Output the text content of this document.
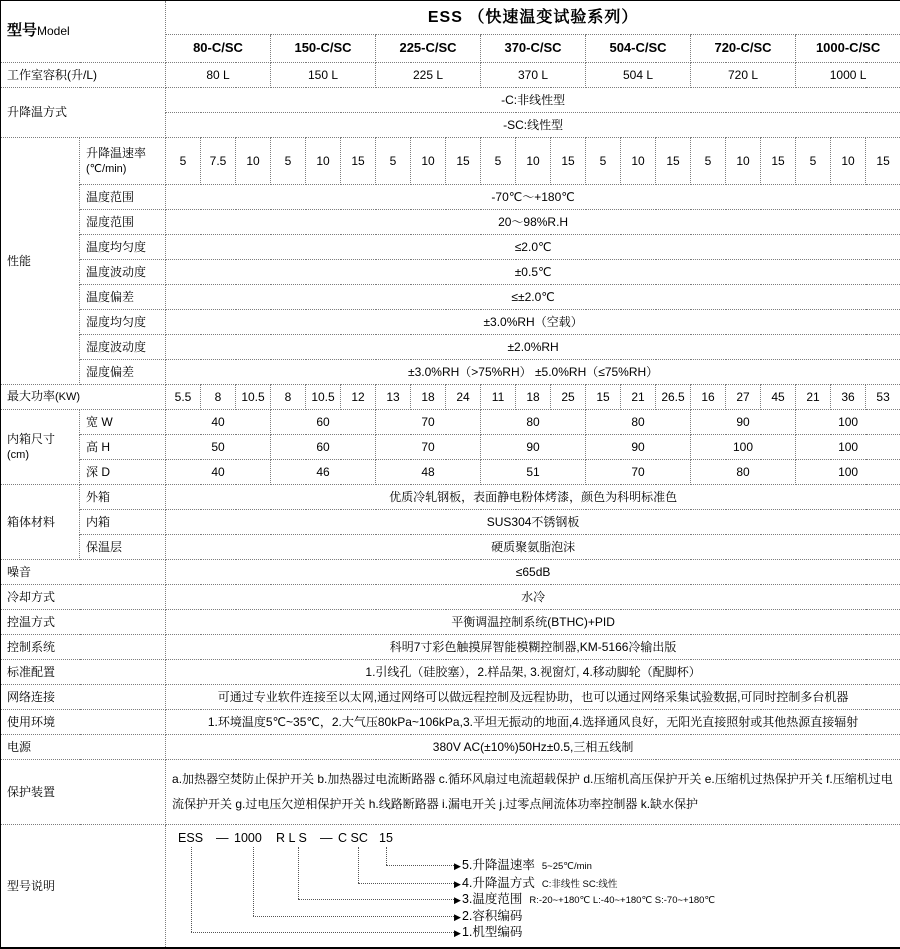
型号Model		ESS （快速温变试验系列）																				
		80-C/SC			150-C/SC			225-C/SC			370-C/SC			504-C/SC			720-C/SC			1000-C/SC		
工作室容积(升/L)		80 L			150 L			225 L			370 L			504 L			720 L			1000 L		
升降温方式		-C:非线性型																				
		-SC:线性型																				
性能	升降温速率
(℃/min)	5	7.5	10	5	10	15	5	10	15	5	10	15	5	10	15	5	10	15	5	10	15
	温度范围	-70℃～+180℃																				
	湿度范围	20～98%R.H																				
	温度均匀度	≤2.0℃																				
	温度波动度	±0.5℃																				
	温度偏差	≤±2.0℃																				
	湿度均匀度	±3.0%RH（空载）																				
	湿度波动度	±2.0%RH																				
	湿度偏差	±3.0%RH（>75%RH） ±5.0%RH（≤75%RH）																				
最大功率(KW)		5.5	8	10.5	8	10.5	12	13	18	24	11	18	25	15	21	26.5	16	27	45	21	36	53
内箱尺寸
(cm)	宽 W	40			60			70			80			80			90			100		
	高 H	50			60			70			90			90			100			100		
	深 D	40			46			48			51			70			80			100		
箱体材料	外箱	优质冷轧钢板，表面静电粉体烤漆，颜色为科明标准色																				
	内箱	SUS304不锈钢板																				
	保温层	硬质聚氨脂泡沫																				
噪音		≤65dB																				
冷却方式		水冷																				
控温方式		平衡调温控制系统(BTHC)+PID																				
控制系统		科明7寸彩色触摸屏智能模糊控制器,KM-5166冷输出版																				
标准配置		1.引线孔（硅胶塞），2.样品架, 3.视窗灯, 4.移动脚轮（配脚杯）																				
网络连接		可通过专业软件连接至以太网,通过网络可以做远程控制及远程协助，也可以通过网络采集试验数据,可同时控制多台机器																				
使用环境		1.环境温度5℃~35℃，2.大气压80kPa~106kPa,3.平坦无振动的地面,4.选择通风良好，无阳光直接照射或其他热源直接辐射																				
电源		380V AC(±10%)50Hz±0.5,三相五线制																				
保护装置		a.加热器空焚防止保护开关 b.加热器过电流断路器 c.循环风扇过电流超载保护 d.压缩机高压保护开关 e.压缩机过热保护开关 f.压缩机过电流保护开关 g.过电压欠逆相保护开关 h.线路断路器 i.漏电开关 j.过零点闸流体功率控制器 k.缺水保护																				
型号说明	
ESS — 1000 R L S — C SC 15
▶ 5.升降温速率 5~25℃/min
▶ 4.升降温方式 C:非线性 SC:线性
▶ 3.温度范围 R:-20~+180℃ L:-40~+180℃ S:-70~+180℃
▶ 2.容积编码
▶ 1.机型编码
